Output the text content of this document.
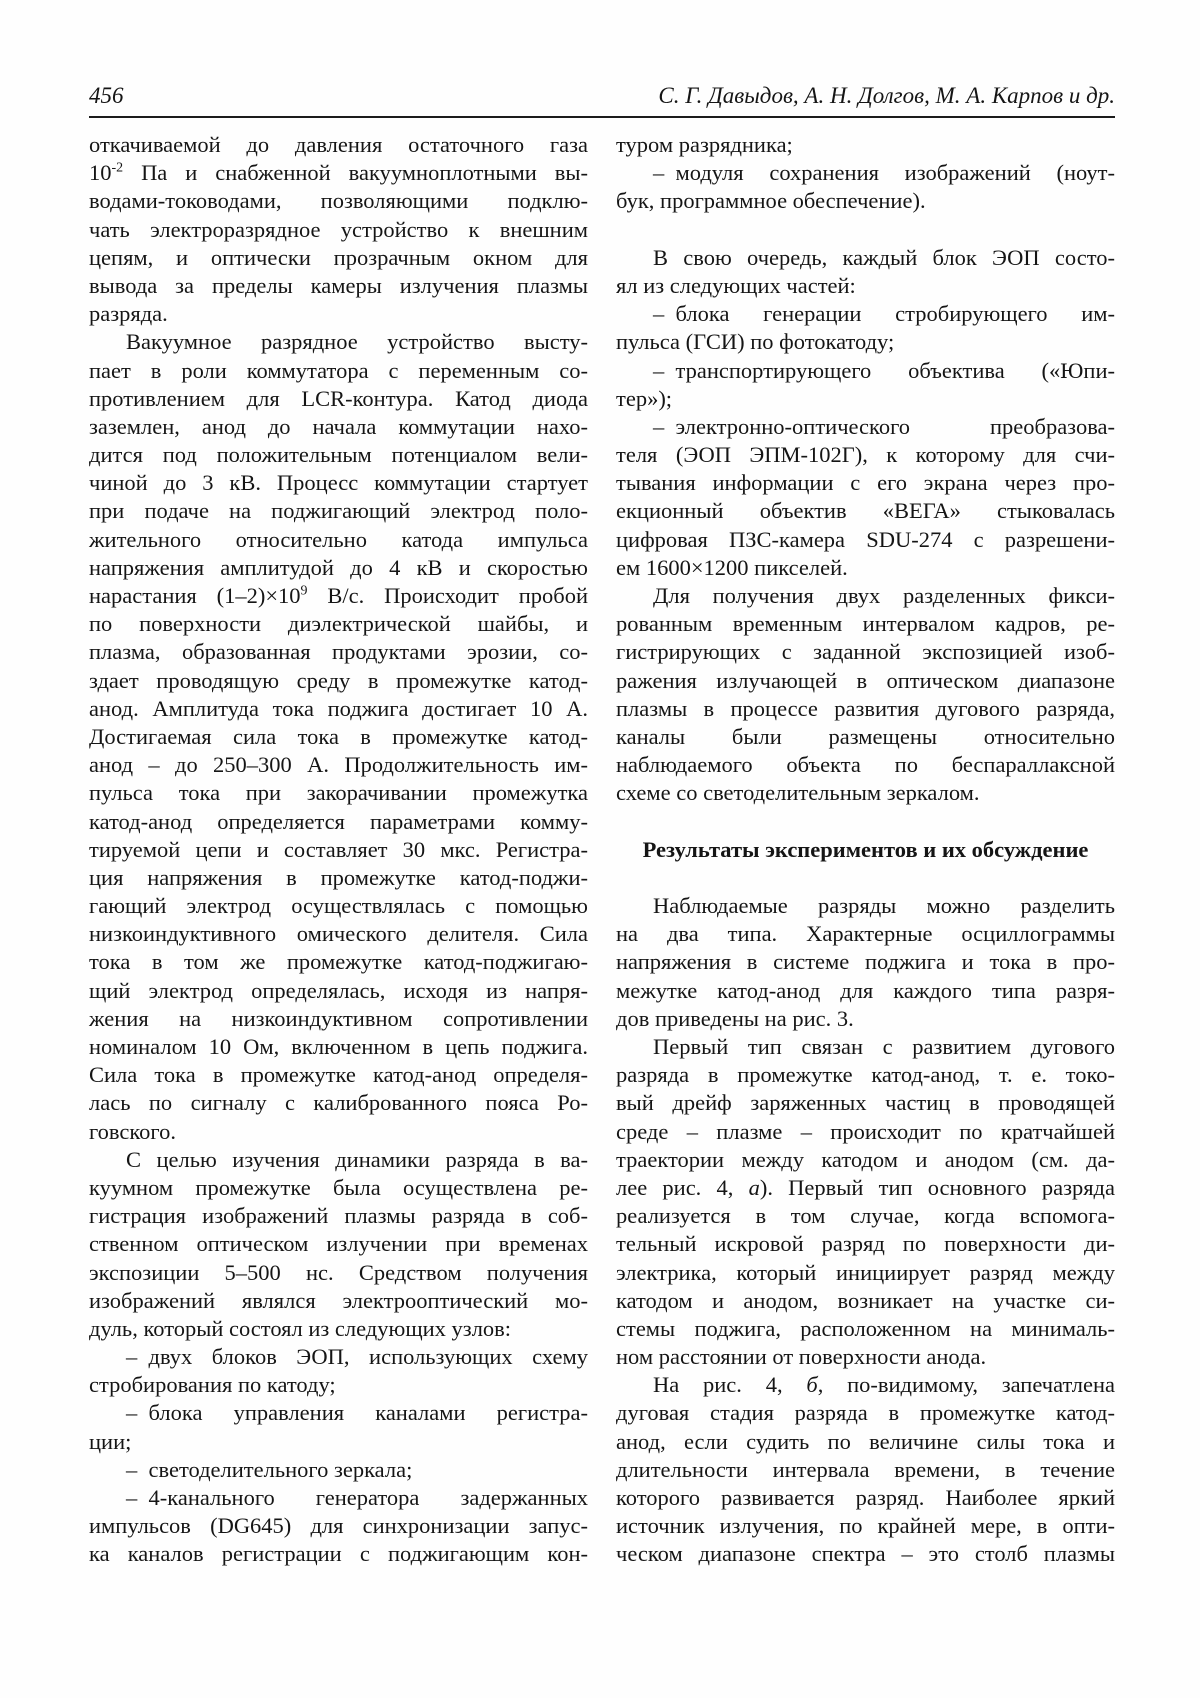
456	С. Г. Давыдов, А. Н. Долгов, М. А. Карпов и др.
откачиваемой до давления остаточного газа
$10^{-2}$ Па и снабженной вакуумноплотными вы-
водами-тоководами, позволяющими подклю-
чать электроразрядное устройство к внешним
цепям, и оптически прозрачным окном для
вывода за пределы камеры излучения плазмы
разряда.
Вакуумное разрядное устройство высту-
пает в роли коммутатора с переменным со-
противлением для LCR-контура. Катод диода
заземлен, анод до начала коммутации нахо-
дится под положительным потенциалом вели-
чиной до 3 кВ. Процесс коммутации стартует
при подаче на поджигающий электрод поло-
жительного относительно катода импульса
напряжения амплитудой до 4 кВ и скоростью
нарастания $(1-2)\times 10^9$ В/с. Происходит пробой
по поверхности диэлектрической шайбы, и
плазма, образованная продуктами эрозии, со-
здает проводящую среду в промежутке катод-
анод. Амплитуда тока поджига достигает 10 А.
Достигаемая сила тока в промежутке катод-
анод – до 250–300 А. Продолжительность им-
пульса тока при закорачивании промежутка
катод-анод определяется параметрами комму-
тируемой цепи и составляет 30 мкс. Регистра-
ция напряжения в промежутке катод-поджи-
гающий электрод осуществлялась с помощью
низкоиндуктивного омического делителя. Сила
тока в том же промежутке катод-поджигаю-
щий электрод определялась, исходя из напря-
жения на низкоиндуктивном сопротивлении
номиналом 10 Ом, включенном в цепь поджига.
Сила тока в промежутке катод-анод определя-
лась по сигналу с калиброванного пояса Ро-
говского.
С целью изучения динамики разряда в ва-
куумном промежутке была осуществлена ре-
гистрация изображений плазмы разряда в соб-
ственном оптическом излучении при временах
экспозиции 5–500 нс. Средством получения
изображений являлся электрооптический мо-
дуль, который состоял из следующих узлов:
– двух блоков ЭОП, использующих схему
стробирования по катоду;
– блока управления каналами регистра-
ции;
– светоделительного зеркала;
– 4-канального генератора задержанных
импульсов (DG645) для синхронизации запус-
ка каналов регистрации с поджигающим кон-
туром разрядника;
– модуля сохранения изображений (ноут-
бук, программное обеспечение).
В свою очередь, каждый блок ЭОП состо-
ял из следующих частей:
– блока генерации стробирующего им-
пульса (ГСИ) по фотокатоду;
– транспортирующего объектива («Юпи-
тер»);
– электронно-оптического преобразова-
теля (ЭОП ЭПМ-102Г), к которому для счи-
тывания информации с его экрана через про-
екционный объектив «ВЕГА» стыковалась
цифровая ПЗС-камера SDU-274 с разрешени-
ем 1600×1200 пикселей.
Для получения двух разделенных фикси-
рованным временным интервалом кадров, ре-
гистрирующих с заданной экспозицией изоб-
ражения излучающей в оптическом диапазоне
плазмы в процессе развития дугового разряда,
каналы были размещены относительно
наблюдаемого объекта по беспараллаксной
схеме со светоделительным зеркалом.
Результаты экспериментов и их обсуждение
Наблюдаемые разряды можно разделить
на два типа. Характерные осциллограммы
напряжения в системе поджига и тока в про-
межутке катод-анод для каждого типа разря-
дов приведены на рис. 3.
Первый тип связан с развитием дугового
разряда в промежутке катод-анод, т. е. токо-
вый дрейф заряженных частиц в проводящей
среде – плазме – происходит по кратчайшей
траектории между катодом и анодом (см. да-
лее рис. 4, а). Первый тип основного разряда
реализуется в том случае, когда вспомога-
тельный искровой разряд по поверхности ди-
электрика, который инициирует разряд между
катодом и анодом, возникает на участке си-
стемы поджига, расположенном на минималь-
ном расстоянии от поверхности анода.
На рис. 4, б, по-видимому, запечатлена
дуговая стадия разряда в промежутке катод-
анод, если судить по величине силы тока и
длительности интервала времени, в течение
которого развивается разряд. Наиболее яркий
источник излучения, по крайней мере, в опти-
ческом диапазоне спектра – это столб плазмы
